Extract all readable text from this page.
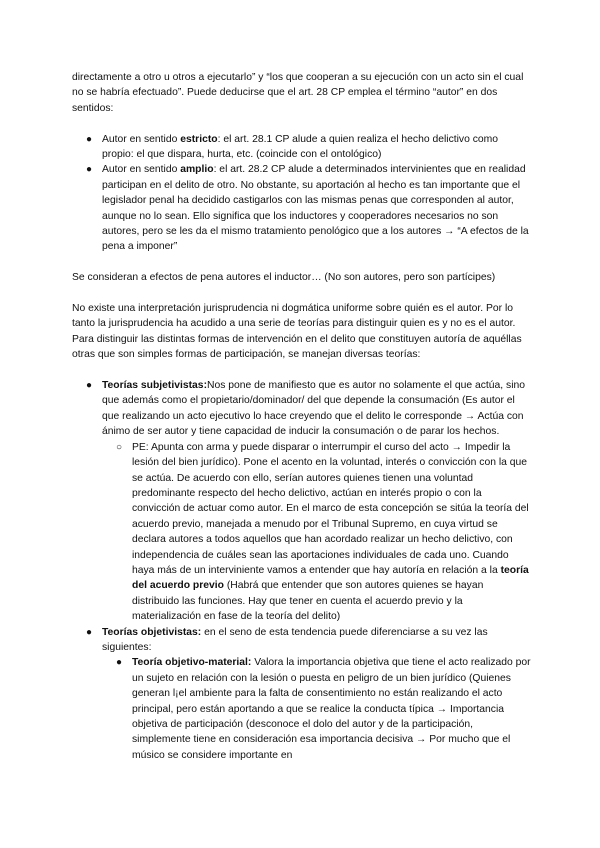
directamente a otro u otros a ejecutarlo” y “los que cooperan a su ejecución con un acto sin el cual no se habría efectuado”. Puede deducirse que el art. 28 CP emplea el término “autor” en dos sentidos:

● Autor en sentido estricto: el art. 28.1 CP alude a quien realiza el hecho delictivo como propio: el que dispara, hurta, etc. (coincide con el ontológico)
● Autor en sentido amplio: el art. 28.2 CP alude a determinados intervinientes que en realidad participan en el delito de otro. No obstante, su aportación al hecho es tan importante que el legislador penal ha decidido castigarlos con las mismas penas que corresponden al autor, aunque no lo sean. Ello significa que los inductores y cooperadores necesarios no son autores, pero se les da el mismo tratamiento penológico que a los autores → “A efectos de la pena a imponer”

Se consideran a efectos de pena autores el inductor… (No son autores, pero son partícipes)

No existe una interpretación jurisprudencia ni dogmática uniforme sobre quién es el autor. Por lo tanto la jurisprudencia ha acudido a una serie de teorías para distinguir quien es y no es el autor. Para distinguir las distintas formas de intervención en el delito que constituyen autoría de aquéllas otras que son simples formas de participación, se manejan diversas teorías:

● Teorías subjetivistas:Nos pone de manifiesto que es autor no solamente el que actúa, sino que además como el propietario/dominador/ del que depende la consumación (Es autor el que realizando un acto ejecutivo lo hace creyendo que el delito le corresponde → Actúa con ánimo de ser autor y tiene capacidad de inducir la consumación o de parar los hechos.
○ PE: Apunta con arma y puede disparar o interrumpir el curso del acto → Impedir la lesión del bien jurídico). Pone el acento en la voluntad, interés o convicción con la que se actúa. De acuerdo con ello, serían autores quienes tienen una voluntad predominante respecto del hecho delictivo, actúan en interés propio o con la convicción de actuar como autor. En el marco de esta concepción se sitúa la teoría del acuerdo previo, manejada a menudo por el Tribunal Supremo, en cuya virtud se declara autores a todos aquellos que han acordado realizar un hecho delictivo, con independencia de cuáles sean las aportaciones individuales de cada uno. Cuando haya más de un interviniente vamos a entender que hay autoría en relación a la teoría del acuerdo previo (Habrá que entender que son autores quienes se hayan distribuido las funciones. Hay que tener en cuenta el acuerdo previo y la materialización en fase de la teoría del delito)
● Teorías objetivistas: en el seno de esta tendencia puede diferenciarse a su vez las siguientes:
● Teoría objetivo-material: Valora la importancia objetiva que tiene el acto realizado por un sujeto en relación con la lesión o puesta en peligro de un bien jurídico (Quienes generan l¡el ambiente para la falta de consentimiento no están realizando el acto principal, pero están aportando a que se realice la conducta típica → Importancia objetiva de participación (desconoce el dolo del autor y de la participación, simplemente tiene en consideración esa importancia decisiva → Por mucho que el músico se considere importante en
